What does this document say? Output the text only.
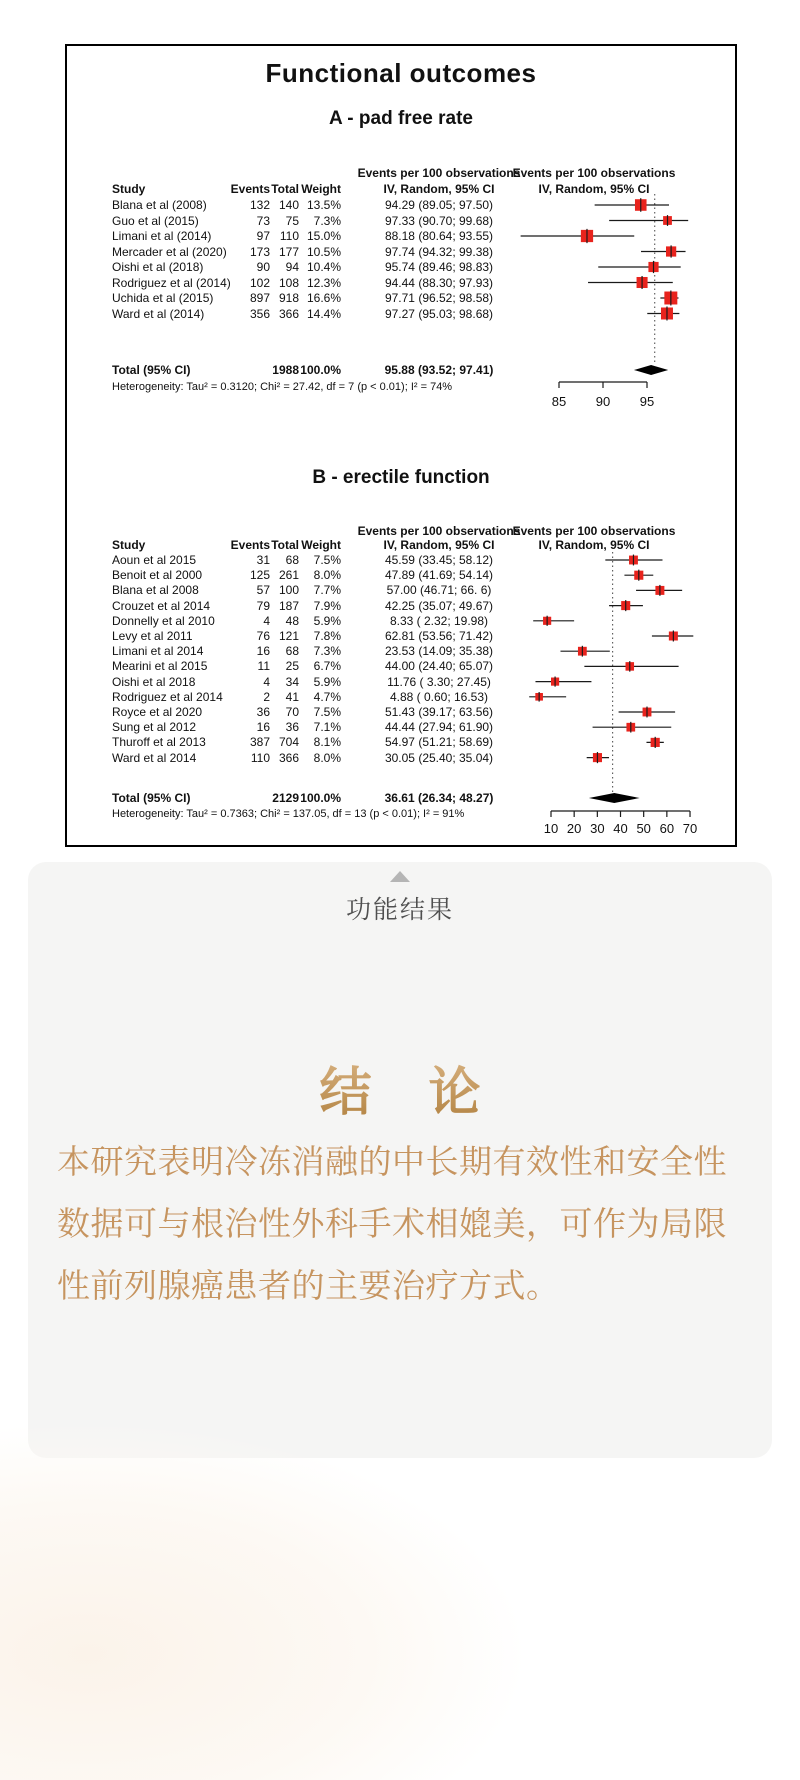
Functional outcomes
A - pad free rate
Events per 100 observations
Events per 100 observations
Study	Events Total Weight	IV, Random, 95% CI	IV, Random, 95% CI
Blana et al (2008)	132 140 13.5%	94.29 (89.05; 97.50)
Guo et al (2015)	73	75	7.3%	97.33 (90.70; 99.68)
Limani et al (2014)	97 110 15.0%	88.18 (80.64; 93.55)
Mercader et al (2020)	173 177 10.5%	97.74 (94.32; 99.38)
Oishi et al (2018)	90	94 10.4%	95.74 (89.46; 98.83)
Rodriguez et al (2014)	102 108 12.3%	94.44 (88.30; 97.93)
Uchida et al (2015)	897 918 16.6%	97.71 (96.52; 98.58)
Ward et al (2014)	356 366 14.4%	97.27 (95.03; 98.68)
Total (95% CI)	1988 100.0%	95.88 (93.52; 97.41)
Heterogeneity: Tau² = 0.3120; Chi² = 27.42, df = 7 (p < 0.01); I² = 74%
B - erectile function
Events per 100 observations
Events per 100 observations
Study	Events Total Weight	IV, Random, 95% CI	IV, Random, 95% CI
Aoun et al 2015	31	68	7.5%	45.59 (33.45; 58.12)
Benoit et al 2000	125 261	8.0%	47.89 (41.69; 54.14)
Blana et al 2008	57 100	7.7%	57.00 (46.71; 66. 6)
Crouzet et al 2014	79 187	7.9%	42.25 (35.07; 49.67)
Donnelly et al 2010	4	48	5.9%	8.33 ( 2.32; 19.98)
Levy et al 2011	76 121	7.8%	62.81 (53.56; 71.42)
Limani et al 2014	16	68	7.3%	23.53 (14.09; 35.38)
Mearini et al 2015	11	25	6.7%	44.00 (24.40; 65.07)
Oishi et al 2018	4	34	5.9%	11.76 ( 3.30; 27.45)
Rodriguez et al 2014	2	41	4.7%	4.88 ( 0.60; 16.53)
Royce et al 2020	36	70	7.5%	51.43 (39.17; 63.56)
Sung et al 2012	16	36	7.1%	44.44 (27.94; 61.90)
Thuroff et al 2013	387 704	8.1%	54.97 (51.21; 58.69)
Ward et al 2014	110 366	8.0%	30.05 (25.40; 35.04)
Total (95% CI)	2129 100.0%	36.61 (26.34; 48.27)
Heterogeneity: Tau² = 0.7363; Chi² = 137.05, df = 13 (p < 0.01); I² = 91%
85 90 95
10 20 30 40 50 60 70
功能结果
结 论
本研究表明冷冻消融的中长期有效性和安全性
数据可与根治性外科手术相媲美，可作为局限
性前列腺癌患者的主要治疗方式。
